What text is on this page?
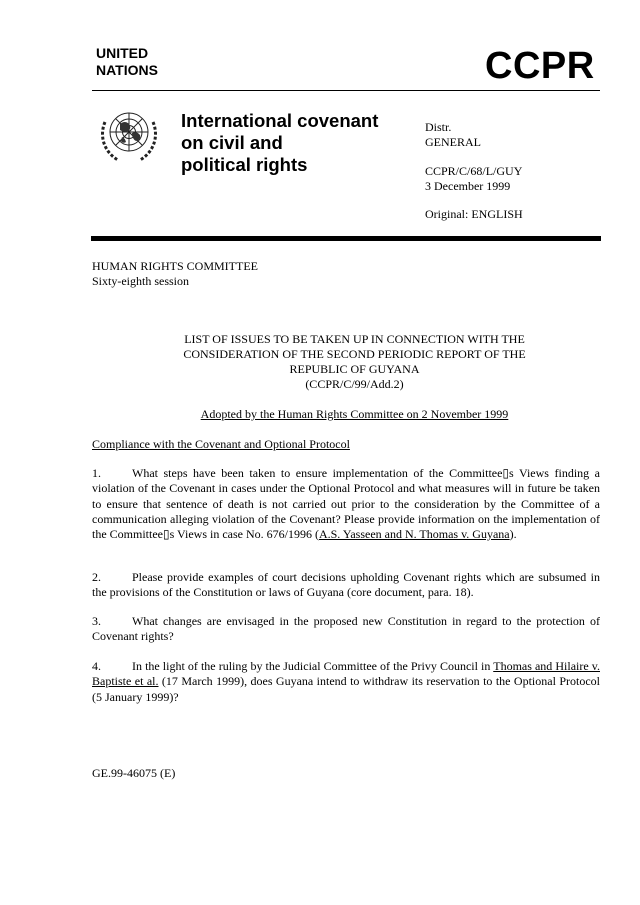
UNITED
NATIONS	CCPR
International covenant
on civil and
political rights
Distr.
GENERAL
CCPR/C/68/L/GUY
3 December 1999
Original: ENGLISH
HUMAN RIGHTS COMMITTEE
Sixty-eighth session
LIST OF ISSUES TO BE TAKEN UP IN CONNECTION WITH THE
CONSIDERATION OF THE SECOND PERIODIC REPORT OF THE
REPUBLIC OF GUYANA
(CCPR/C/99/Add.2)
Adopted by the Human Rights Committee on 2 November 1999
Compliance with the Covenant and Optional Protocol
1.	What steps have been taken to ensure implementation of the Committee▯s Views finding a violation of the Covenant in cases under the Optional Protocol and what measures will in future be taken to ensure that sentence of death is not carried out prior to the consideration by the Committee of a communication alleging violation of the Covenant? Please provide information on the implementation of the Committee▯s Views in case No. 676/1996 (A.S. Yasseen and N. Thomas v. Guyana).
2.	Please provide examples of court decisions upholding Covenant rights which are subsumed in the provisions of the Constitution or laws of Guyana (core document, para. 18).
3.	What changes are envisaged in the proposed new Constitution in regard to the protection of Covenant rights?
4.	In the light of the ruling by the Judicial Committee of the Privy Council in Thomas and Hilaire v. Baptiste et al. (17 March 1999), does Guyana intend to withdraw its reservation to the Optional Protocol (5 January 1999)?
GE.99-46075 (E)
